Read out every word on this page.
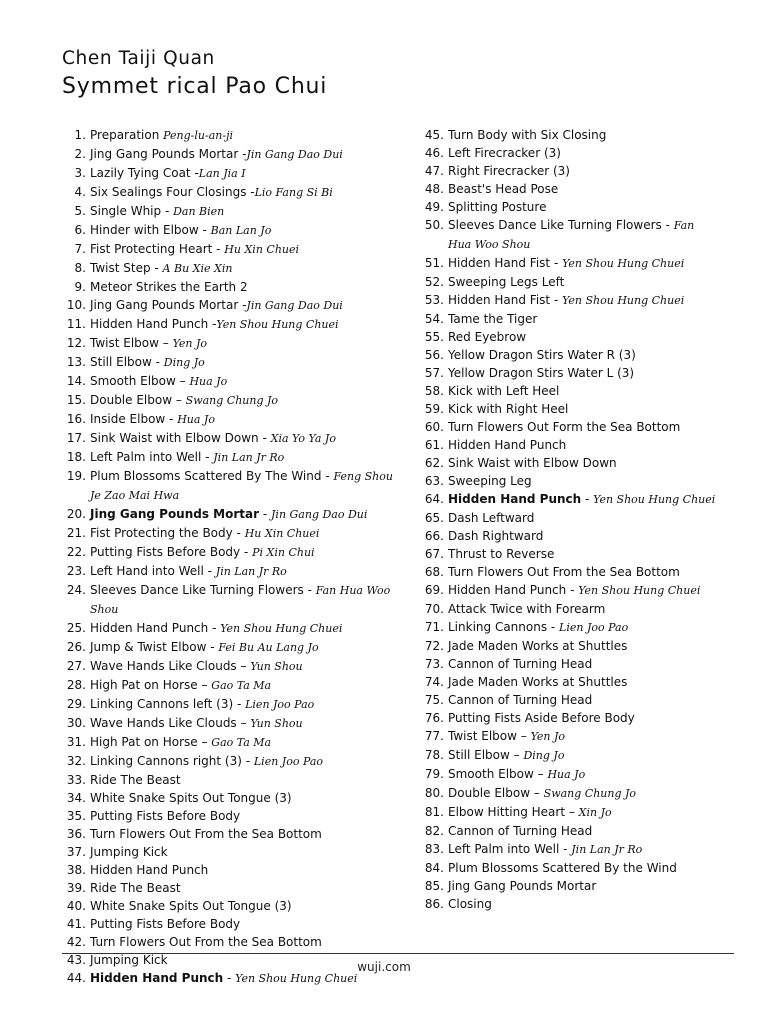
Chen Taiji Quan
Symmet rical Pao Chui
1. Preparation Peng-lu-an-ji
2. Jing Gang Pounds Mortar -Jin Gang Dao Dui
3. Lazily Tying Coat -Lan Jia I
4. Six Sealings Four Closings -Lio Fang Si Bi
5. Single Whip - Dan Bien
6. Hinder with Elbow - Ban Lan Jo
7. Fist Protecting Heart - Hu Xin Chuei
8. Twist Step - A Bu Xie Xin
9. Meteor Strikes the Earth 2
10. Jing Gang Pounds Mortar -Jin Gang Dao Dui
11. Hidden Hand Punch -Yen Shou Hung Chuei
12. Twist Elbow – Yen Jo
13. Still Elbow - Ding Jo
14. Smooth Elbow – Hua Jo
15. Double Elbow – Swang Chung Jo
16. Inside Elbow - Hua Jo
17. Sink Waist with Elbow Down - Xia Yo Ya Jo
18. Left Palm into Well - Jin Lan Jr Ro
19. Plum Blossoms Scattered By The Wind - Feng Shou Je Zao Mai Hwa
20. Jing Gang Pounds Mortar - Jin Gang Dao Dui
21. Fist Protecting the Body - Hu Xin Chuei
22. Putting Fists Before Body - Pi Xin Chui
23. Left Hand into Well - Jin Lan Jr Ro
24. Sleeves Dance Like Turning Flowers - Fan Hua Woo Shou
25. Hidden Hand Punch - Yen Shou Hung Chuei
26. Jump & Twist Elbow - Fei Bu Au Lang Jo
27. Wave Hands Like Clouds – Yun Shou
28. High Pat on Horse – Gao Ta Ma
29. Linking Cannons left (3) - Lien Joo Pao
30. Wave Hands Like Clouds – Yun Shou
31. High Pat on Horse – Gao Ta Ma
32. Linking Cannons right (3) - Lien Joo Pao
33. Ride The Beast
34. White Snake Spits Out Tongue (3)
35. Putting Fists Before Body
36. Turn Flowers Out From the Sea Bottom
37. Jumping Kick
38. Hidden Hand Punch
39. Ride The Beast
40. White Snake Spits Out Tongue (3)
41. Putting Fists Before Body
42. Turn Flowers Out From the Sea Bottom
43. Jumping Kick
44. Hidden Hand Punch - Yen Shou Hung Chuei
45. Turn Body with Six Closing
46. Left Firecracker (3)
47. Right Firecracker (3)
48. Beast's Head Pose
49. Splitting Posture
50. Sleeves Dance Like Turning Flowers - Fan Hua Woo Shou
51. Hidden Hand Fist - Yen Shou Hung Chuei
52. Sweeping Legs Left
53. Hidden Hand Fist - Yen Shou Hung Chuei
54. Tame the Tiger
55. Red Eyebrow
56. Yellow Dragon Stirs Water R (3)
57. Yellow Dragon Stirs Water L (3)
58. Kick with Left Heel
59. Kick with Right Heel
60. Turn Flowers Out Form the Sea Bottom
61. Hidden Hand Punch
62. Sink Waist with Elbow Down
63. Sweeping Leg
64. Hidden Hand Punch - Yen Shou Hung Chuei
65. Dash Leftward
66. Dash Rightward
67. Thrust to Reverse
68. Turn Flowers Out From the Sea Bottom
69. Hidden Hand Punch - Yen Shou Hung Chuei
70. Attack Twice with Forearm
71. Linking Cannons - Lien Joo Pao
72. Jade Maden Works at Shuttles
73. Cannon of Turning Head
74. Jade Maden Works at Shuttles
75. Cannon of Turning Head
76. Putting Fists Aside Before Body
77. Twist Elbow – Yen Jo
78. Still Elbow – Ding Jo
79. Smooth Elbow – Hua Jo
80. Double Elbow – Swang Chung Jo
81. Elbow Hitting Heart – Xin Jo
82. Cannon of Turning Head
83. Left Palm into Well - Jin Lan Jr Ro
84. Plum Blossoms Scattered By the Wind
85. Jing Gang Pounds Mortar
86. Closing
wuji.com
